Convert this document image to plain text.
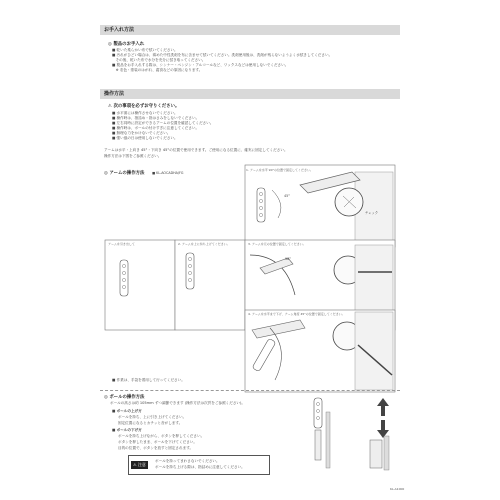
お手入れ方法
◎ 製品のお手入れ
■ 乾いた柔らかい布で拭いてください。
■ 汚れがひどい場合は、薄めた中性洗剤を布に含ませて拭いてください。洗剤使用後は、洗剤が残らないようよく水拭きしてください。
　その後、乾いた布で水分を充分に拭き取ってください。
■ 製品をお手入れする際は、シンナー・ベンジン・アルコールなど、ワックスなどは使用しないでください。
　※ 変色・塗装のはがれ、腐食などの原因になります。
操作方法
⚠ 次の事項を必ずお守りください。
■ 水平面には操作させないでください。
■ 操作時は、指詰め・指はさみをしないでください。
■ 左右同時に設定ができるアームの位置を確認してください。
■ 操作時は、ポールの付けすぎに注意してください。
■ 無理な力をかけないでください。
■ 強い風の日は使用しないでください。
アームは水平・上向き 45°・下向き 45°の位置で使用できます。ご使用になる位置に、確実に固定してください。
操作方法は下図をご参照ください。
◎ アームの操作方法 ■ KL-AOCADHA/FG
1. アームを水平 90°の位置で固定してください。
アームを引き出して	2. アームを上に持ち上げてください。	3. アームを元の位置で固定してください。
4. アームを水平まで下げ、アーム角度 45°の位置で固定してください。
45°
90°
チェック
■ 作業は、手袋を着用して行ってください。
◎ ポールの操作方法
ポールの高さは約 105mm ずつ調節できます (操作方法は次頁をご参照ください)。
■ ポールの上げ方
ポールを持ち、上に引き上げてください。
固定位置になるとカチッと音がします。
■ ポールの下げ方
ポールを持ち上げながら、ボタンを押してください。
ボタンを押したまま、ポールを下げてください。
目的の位置で、ボタンを放すと固定されます。
⚠ 注意
ポールを持ってまわさないでください。
ポールを持ち上げる際は、指詰めに注意してください。
KL-A1000
